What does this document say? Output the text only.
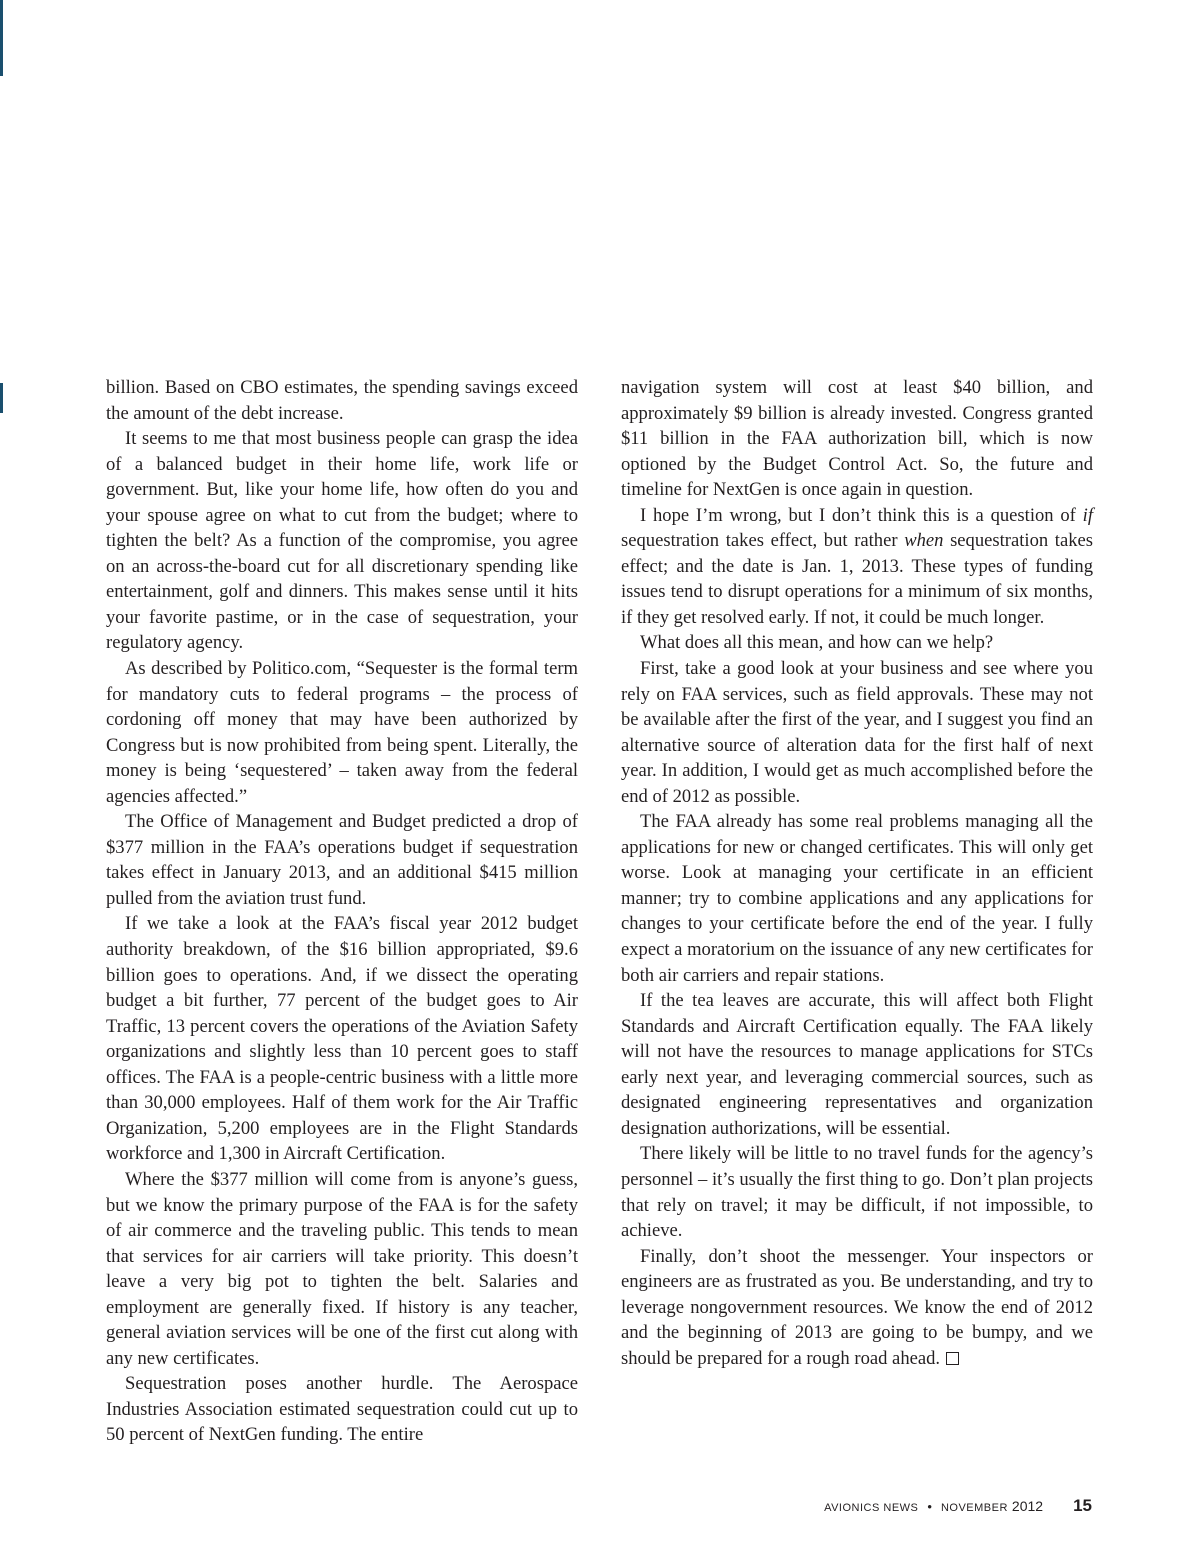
billion. Based on CBO estimates, the spending savings exceed the amount of the debt increase.

It seems to me that most business people can grasp the idea of a balanced budget in their home life, work life or government. But, like your home life, how often do you and your spouse agree on what to cut from the budget; where to tighten the belt? As a function of the compromise, you agree on an across-the-board cut for all discretionary spending like entertainment, golf and dinners. This makes sense until it hits your favorite pastime, or in the case of sequestration, your regulatory agency.

As described by Politico.com, “Sequester is the formal term for mandatory cuts to federal programs – the process of cordoning off money that may have been authorized by Congress but is now prohibited from being spent. Literally, the money is being ‘sequestered’ – taken away from the federal agencies affected.”

The Office of Management and Budget predicted a drop of $377 million in the FAA’s operations budget if sequestration takes effect in January 2013, and an additional $415 million pulled from the aviation trust fund.

If we take a look at the FAA’s fiscal year 2012 budget authority breakdown, of the $16 billion appropriated, $9.6 billion goes to operations. And, if we dissect the operating budget a bit further, 77 percent of the budget goes to Air Traffic, 13 percent covers the operations of the Aviation Safety organizations and slightly less than 10 percent goes to staff offices. The FAA is a people-centric business with a little more than 30,000 employees. Half of them work for the Air Traffic Organization, 5,200 employees are in the Flight Standards workforce and 1,300 in Aircraft Certification.

Where the $377 million will come from is anyone’s guess, but we know the primary purpose of the FAA is for the safety of air commerce and the traveling public. This tends to mean that services for air carriers will take priority. This doesn’t leave a very big pot to tighten the belt. Salaries and employment are generally fixed. If history is any teacher, general aviation services will be one of the first cut along with any new certificates.

Sequestration poses another hurdle. The Aerospace Industries Association estimated sequestration could cut up to 50 percent of NextGen funding. The entire

navigation system will cost at least $40 billion, and approximately $9 billion is already invested. Congress granted $11 billion in the FAA authorization bill, which is now optioned by the Budget Control Act. So, the future and timeline for NextGen is once again in question.

I hope I’m wrong, but I don’t think this is a question of if sequestration takes effect, but rather when sequestration takes effect; and the date is Jan. 1, 2013. These types of funding issues tend to disrupt operations for a minimum of six months, if they get resolved early. If not, it could be much longer.

What does all this mean, and how can we help?

First, take a good look at your business and see where you rely on FAA services, such as field approvals. These may not be available after the first of the year, and I suggest you find an alternative source of alteration data for the first half of next year. In addition, I would get as much accomplished before the end of 2012 as possible.

The FAA already has some real problems managing all the applications for new or changed certificates. This will only get worse. Look at managing your certificate in an efficient manner; try to combine applications and any applications for changes to your certificate before the end of the year. I fully expect a moratorium on the issuance of any new certificates for both air carriers and repair stations.

If the tea leaves are accurate, this will affect both Flight Standards and Aircraft Certification equally. The FAA likely will not have the resources to manage applications for STCs early next year, and leveraging commercial sources, such as designated engineering representatives and organization designation authorizations, will be essential.

There likely will be little to no travel funds for the agency’s personnel – it’s usually the first thing to go. Don’t plan projects that rely on travel; it may be difficult, if not impossible, to achieve.

Finally, don’t shoot the messenger. Your inspectors or engineers are as frustrated as you. Be understanding, and try to leverage nongovernment resources. We know the end of 2012 and the beginning of 2013 are going to be bumpy, and we should be prepared for a rough road ahead.

AVIONICS NEWS • NOVEMBER 2012 15
